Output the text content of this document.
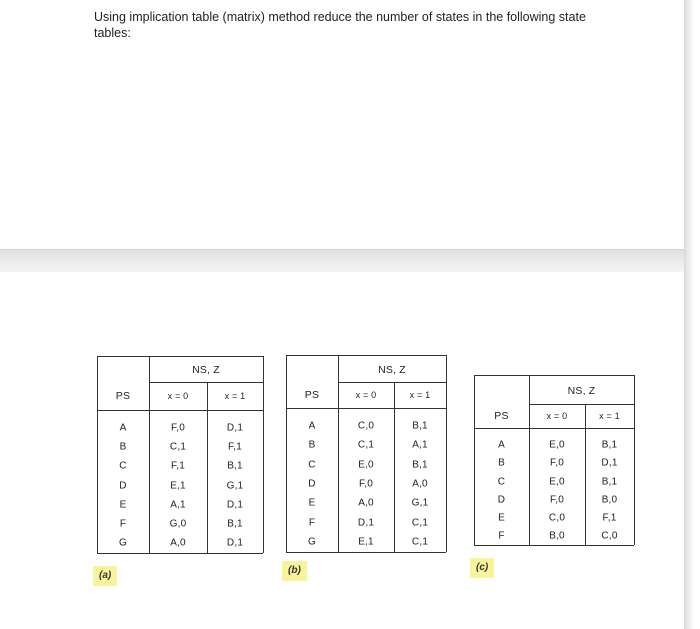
Using implication table (matrix) method reduce the number of states in the following state tables:
NS, Z
PS	x = 0	x = 1
A	F,0	D,1
B	C,1	F,1
C	F,1	B,1
D	E,1	G,1
E	A,1	D,1
F	G,0	B,1
G	A,0	D,1
(a)
NS, Z
PS	x = 0	x = 1
A	C,0	B,1
B	C,1	A,1
C	E,0	B,1
D	F,0	A,0
E	A,0	G,1
F	D,1	C,1
G	E,1	C,1
(b)
NS, Z
PS	x = 0	x = 1
A	E,0	B,1
B	F,0	D,1
C	E,0	B,1
D	F,0	B,0
E	C,0	F,1
F	B,0	C,0
(c)
